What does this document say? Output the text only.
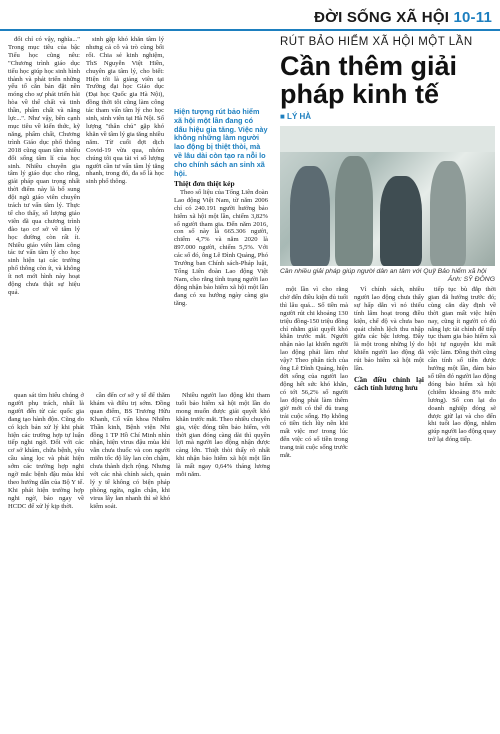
ĐỜI SỐNG XÃ HỘI 10-11

đổi chỉ có vậy, nghĩa..." Trong mục tiêu của bậc Tiểu học cũng nêu: "Chương trình giáo dục tiểu học giúp học sinh hình thành và phát triển những yếu tố căn bản đặt nền móng cho sự phát triển hài hòa về thể chất và tinh thần, phẩm chất và năng lực...". Như vậy, bên cạnh mục tiêu về kiến thức, kỹ năng, phẩm chất, Chương trình Giáo dục phổ thông 2018 cũng quan tâm nhiều đối sống tâm lí của học sinh. Nhiều chuyên gia tâm lý giáo dục cho rằng, giải pháp quan trọng nhất thời điểm này là bổ sung đội ngũ giáo viên chuyên trách tư vấn tâm lý. Thực tế cho thấy, số lượng giáo viên đã qua chương trình đào tạo cơ sở về tâm lý học đường còn rất ít. Nhiều giáo viên làm công tác tư vấn tâm lý cho học sinh hiện tại các trường phổ thông còn ít, và không ít nơi mới hình này hoạt động chưa thật sự hiệu quả.

sinh gặp khó khăn tâm lý nhưng cả cô và trò cùng bối rối. Chia sẻ kinh nghiệm, ThS Nguyễn Việt Hiền, chuyên gia tâm lý, cho biết: Hiện tôi là giảng viên tại Trường đại học Giáo dục (Đại học Quốc gia Hà Nội), đồng thời tôi cũng làm công tác tham vấn tâm lý cho học sinh, sinh viên tại Hà Nội. Số lượng "thân chủ" gặp khó khăn về tâm lý gia tăng nhiều năm. Từ cuối đợt dịch Covid-19 vừa qua, nhóm chúng tôi qua tài vì số lượng người cần tư vấn tâm lý tăng nhanh, trong đó, đa số là học sinh phổ thông.

Hiện tượng rút bảo hiểm xã hội một lần đang có dấu hiệu gia tăng. Việc này không những làm người lao động bị thiệt thòi, mà về lâu dài còn tạo ra nỗi lo cho chính sách an sinh xã hội.

Thiệt đơn thiệt kép

Theo số liệu của Tổng Liên đoàn Lao động Việt Nam, từ năm 2006 chỉ có 240.191 người hưởng bảo hiểm xã hội một lần, chiếm 3,82% số người tham gia. Đến năm 2016, con số này là 665.306 người, chiếm 4,7% và năm 2020 là 897.000 người, chiếm 5,5%. Với các số đó, ông Lê Đình Quảng, Phó Trưởng ban Chính sách-Pháp luật, Tổng Liên đoàn Lao động Việt Nam, cho rằng tình trạng người lao động nhận bảo hiểm xã hội một lần đang có xu hướng ngày càng gia tăng.

RÚT BẢO HIỂM XÃ HỘI MỘT LẦN
Cần thêm giải pháp kinh tế
■ LÝ HÀ
Cần nhiều giải pháp giúp người dân an tâm với Quỹ Bảo hiểm xã hội
Ảnh: SỸ ĐÔNG

một lần vì cho rằng chờ đến điều kiện đủ tuổi thì lâu quá... Số tiền mà người rút chi khoảng 130 triệu đồng-150 triệu đồng chỉ nhằm giải quyết khó khăn trước mắt. Người nhận nào lại khiến người lao động phải làm như vậy? Theo phân tích của ông Lê Đình Quảng, hiện đời sống của người lao động hết sức khó khăn, có tới 56,2% số người lao động phải làm thêm giờ mới có thể đủ trang trải cuộc sống. Họ không có tiền tích lũy nên khi mất việc mơ trong lúc đến việc có số tiền trong trang trải cuộc sống trước mắt.

Vì chính sách, nhiều người lao động chưa thấy sự hấp dẫn vì nó thiếu tính lâm hoạt trong điều kiện, chế độ và chưa bao quát chênh lệch thu nhập giữa các bậc lương. Đây là một trong những lý do khiến người lao động đã rút bảo hiểm xã hội một lần.

Cần điều chỉnh lại cách tính lương hưu

tiếp tục bù đắp thời gian đã hưởng trước đó; cùng căn dày định về thời gian mất việc hiện nay, cũng ít người có đủ năng lực tài chính để tiếp tục tham gia bảo hiểm xã hội tự nguyện khi mất việc làm. Đồng thời cũng cần tính số tiền được hưởng một lần, đảm bảo số tiền đó người lao động đóng bảo hiểm xã hội (chiếm khoảng 8% mức lương). Số con lại do doanh nghiệp đóng sẽ được giữ lại và cho đến khi tuổi lao động, nhằm giúp người lao động quay trở lại đóng tiếp.

quan sát tìm hiểu chúng ở người phụ trách, nhất là người đến từ các quốc gia đang tạo hành độn. Cũng do có kịch bản xử lý khi phát hiện các trường hợp tự luận tiếp nghi ngờ. Đối với các cơ sở khám, chữa bệnh, yêu cầu sàng lọc và phát hiện sớm các trường hợp nghi ngờ mắc bệnh đậu mùa khỉ theo hướng dẫn của Bộ Y tế. Khi phát hiện trường hợp nghi ngờ, báo ngay về HCDC để xử lý kịp thời.

cần đến cơ sở y tế để thăm khám và điều trị sớm. Đồng quan điểm, BS Trương Hữu Khanh, Cố vấn khoa Nhiễm Thần kinh, Bệnh viện Nhi đồng 1 TP Hồ Chí Minh nhìn nhận, hiện virus đậu mùa khỉ vẫn chưa thuốc và con người miễn tốc độ lây lan còn chậm, chưa thành dịch rộng. Nhưng với các nhà chính sách, quản lý y tế không có biện pháp phòng ngừa, ngăn chặn, khi virus lây lan nhanh thì sẽ khó kiểm soát.

Nhiều người lao động khi tham tuổi bảo hiểm xã hội một lần do mong muốn được giải quyết khó khăn trước mắt. Theo nhiều chuyên gia, việc đóng tiền bảo hiểm, với thời gian đóng càng dài thì quyền lợi mà người lao động nhận được càng lớn. Thiệt thòi thấy rõ nhất khi nhận bảo hiểm xã hội một lần là mất ngay 0,64% tháng lương mỗi năm.
